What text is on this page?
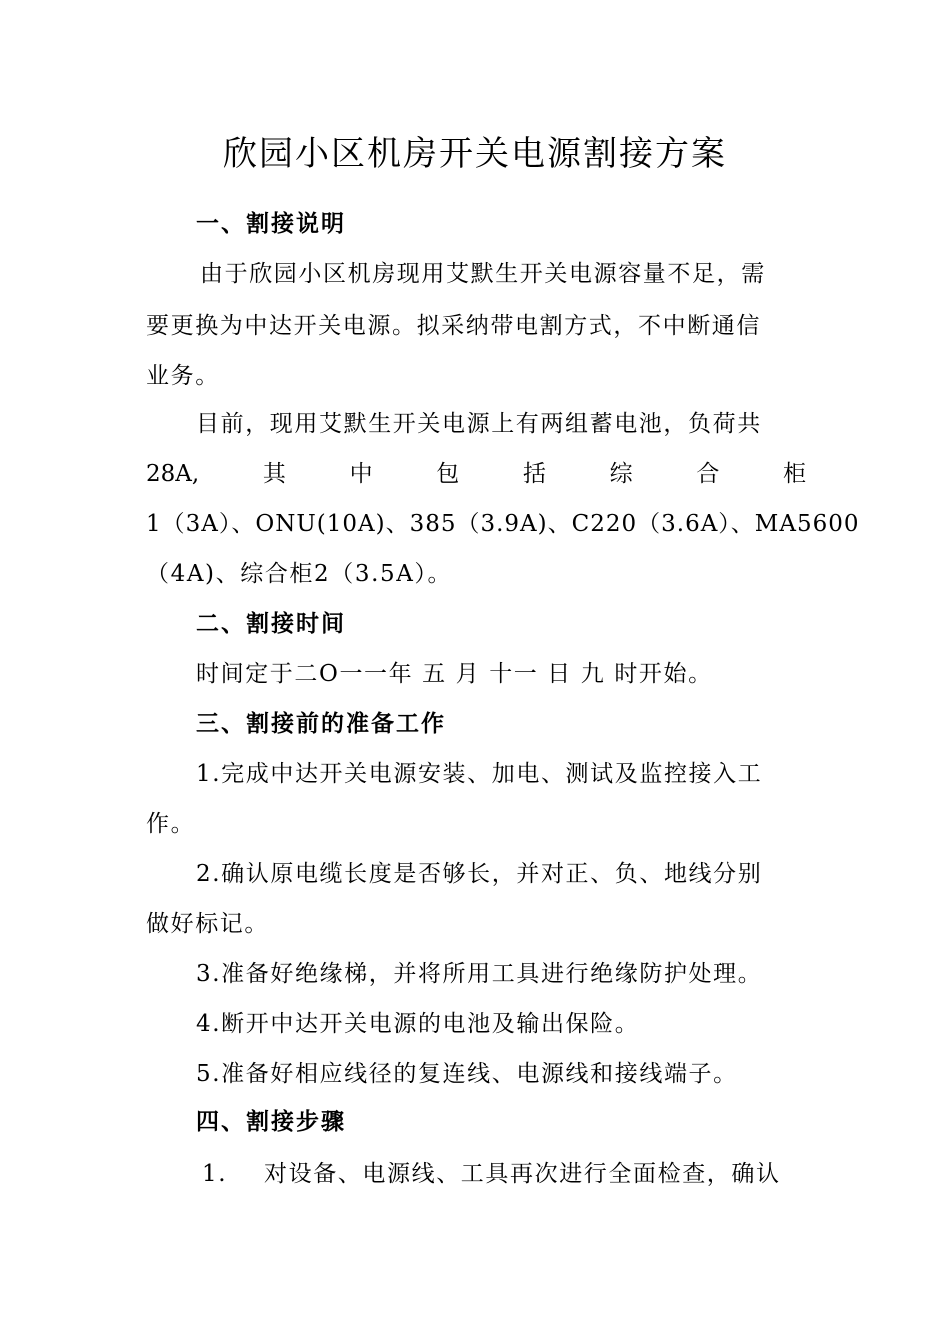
欣园小区机房开关电源割接方案
一、割接说明
由于欣园小区机房现用艾默生开关电源容量不足，需
要更换为中达开关电源。拟采纳带电割方式，不中断通信
业务。
目前，现用艾默生开关电源上有两组蓄电池，负荷共
28A,	其	中	包	括	综	合	柜
1（3A）、ONU(10A)、385（3.9A)、C220（3.6A）、MA5600
（4A)、综合柜2（3.5A）。
二、割接时间
时间定于二O一一年 五 月 十一 日 九 时开始。
三、割接前的准备工作
1.完成中达开关电源安装、加电、测试及监控接入工
作。
2.确认原电缆长度是否够长，并对正、负、地线分别
做好标记。
3.准备好绝缘梯，并将所用工具进行绝缘防护处理。
4.断开中达开关电源的电池及输出保险。
5.准备好相应线径的复连线、电源线和接线端子。
四、割接步骤
1. 对设备、电源线、工具再次进行全面检查，确认
